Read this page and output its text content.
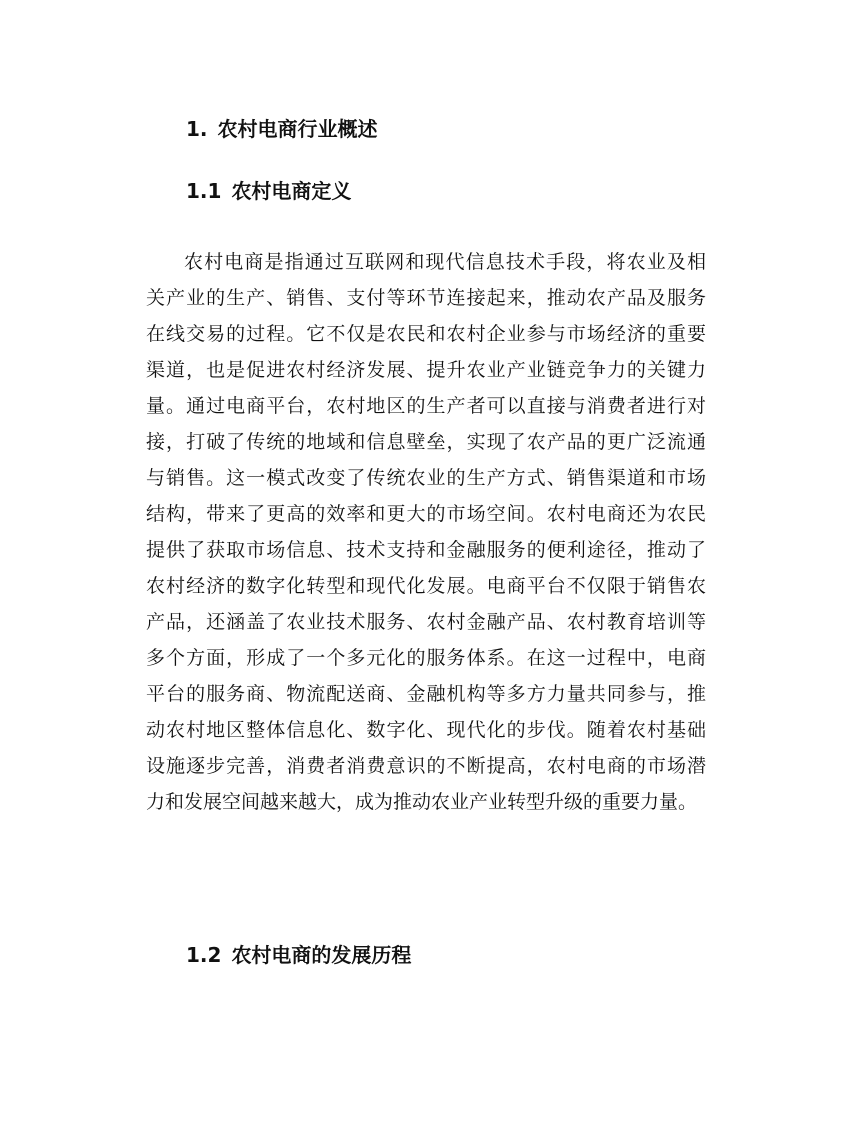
1. 农村电商行业概述
1.1 农村电商定义
农村电商是指通过互联网和现代信息技术手段，将农业及相
关产业的生产、销售、支付等环节连接起来，推动农产品及服务
在线交易的过程。它不仅是农民和农村企业参与市场经济的重要
渠道，也是促进农村经济发展、提升农业产业链竞争力的关键力
量。通过电商平台，农村地区的生产者可以直接与消费者进行对
接，打破了传统的地域和信息壁垒，实现了农产品的更广泛流通
与销售。这一模式改变了传统农业的生产方式、销售渠道和市场
结构，带来了更高的效率和更大的市场空间。农村电商还为农民
提供了获取市场信息、技术支持和金融服务的便利途径，推动了
农村经济的数字化转型和现代化发展。电商平台不仅限于销售农
产品，还涵盖了农业技术服务、农村金融产品、农村教育培训等
多个方面，形成了一个多元化的服务体系。在这一过程中，电商
平台的服务商、物流配送商、金融机构等多方力量共同参与，推
动农村地区整体信息化、数字化、现代化的步伐。随着农村基础
设施逐步完善，消费者消费意识的不断提高，农村电商的市场潜
力和发展空间越来越大，成为推动农业产业转型升级的重要力量。
1.2 农村电商的发展历程
